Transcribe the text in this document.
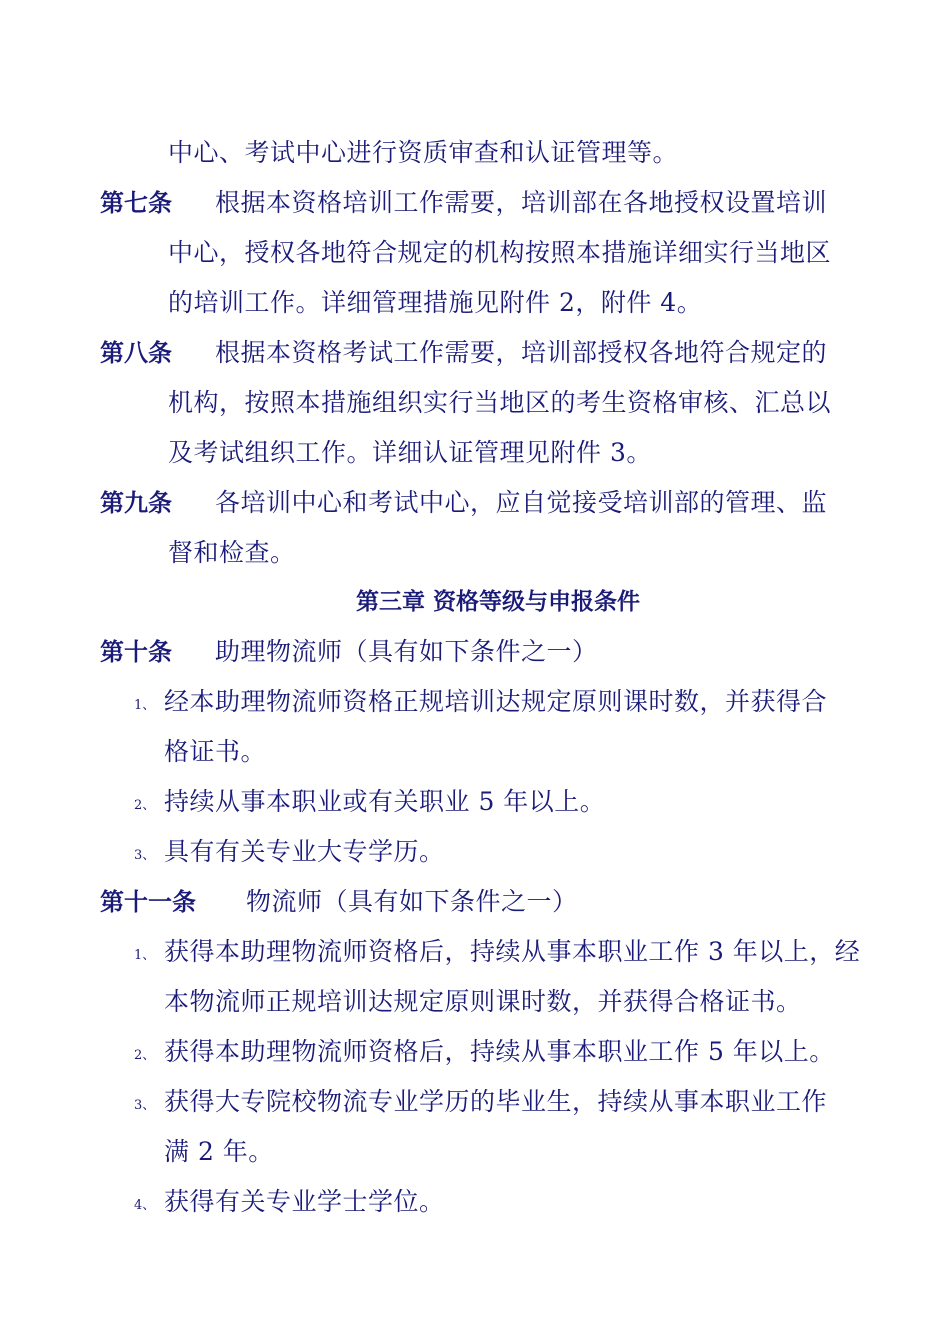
中心、考试中心进行资质审查和认证管理等。
第七条 根据本资格培训工作需要，培训部在各地授权设置培训
中心，授权各地符合规定的机构按照本措施详细实行当地区
的培训工作。详细管理措施见附件 2，附件 4。
第八条 根据本资格考试工作需要，培训部授权各地符合规定的
机构，按照本措施组织实行当地区的考生资格审核、汇总以
及考试组织工作。详细认证管理见附件 3。
第九条 各培训中心和考试中心，应自觉接受培训部的管理、监
督和检查。
第三章 资格等级与申报条件
第十条 助理物流师（具有如下条件之一）
1、 经本助理物流师资格正规培训达规定原则课时数，并获得合
格证书。
2、 持续从事本职业或有关职业 5 年以上。
3、 具有有关专业大专学历。
第十一条 物流师（具有如下条件之一）
1、 获得本助理物流师资格后，持续从事本职业工作 3 年以上，经
本物流师正规培训达规定原则课时数，并获得合格证书。
2、 获得本助理物流师资格后，持续从事本职业工作 5 年以上。
3、 获得大专院校物流专业学历的毕业生，持续从事本职业工作
满 2 年。
4、 获得有关专业学士学位。
